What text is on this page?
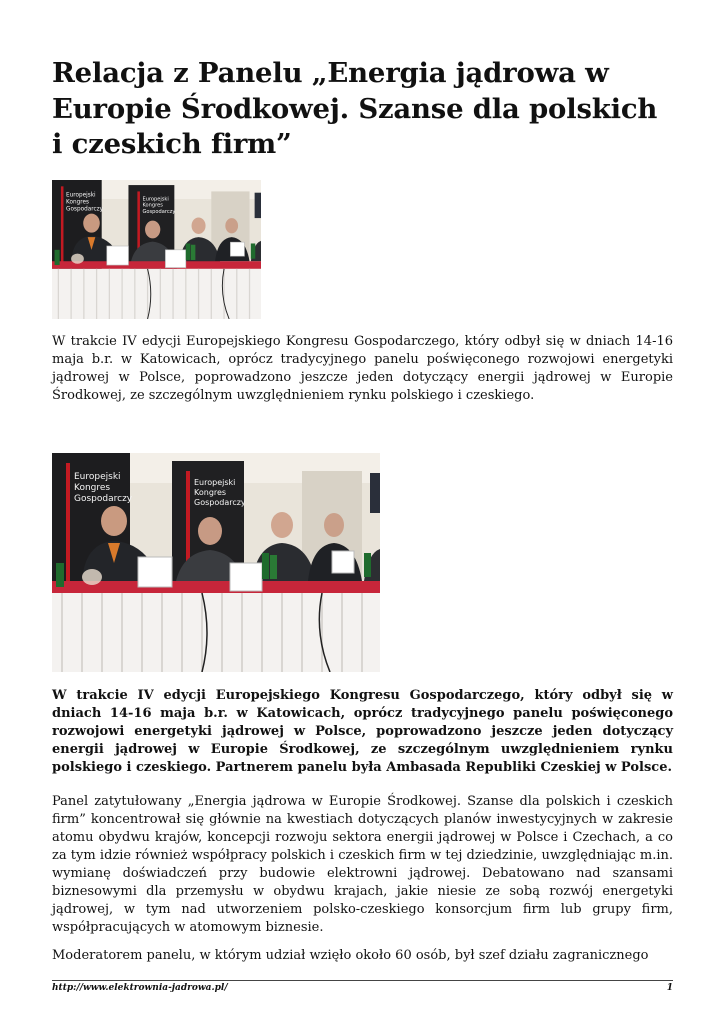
Relacja z Panelu „Energia jądrowa w Europie Środkowej. Szanse dla polskich i czeskich firm”
Europejski
Kongres
Gospodarczy
Europejski
Kongres
Gospodarczy

W trakcie IV edycji Europejskiego Kongresu Gospodarczego, który odbył się w dniach 14-16 maja b.r. w Katowicach, oprócz tradycyjnego panelu poświęconego rozwojowi energetyki jądrowej w Polsce, poprowadzono jeszcze jeden dotyczący energii jądrowej w Europie Środkowej, ze szczególnym uwzględnieniem rynku polskiego i czeskiego.

Europejski
Kongres
Gospodarczy
Europejski
Kongres
Gospodarczy

W trakcie IV edycji Europejskiego Kongresu Gospodarczego, który odbył się w dniach 14-16 maja b.r. w Katowicach, oprócz tradycyjnego panelu poświęconego rozwojowi energetyki jądrowej w Polsce, poprowadzono jeszcze jeden dotyczący energii jądrowej w Europie Środkowej, ze szczególnym uwzględnieniem rynku polskiego i czeskiego. Partnerem panelu była Ambasada Republiki Czeskiej w Polsce.

Panel zatytułowany „Energia jądrowa w Europie Środkowej. Szanse dla polskich i czeskich firm” koncentrował się głównie na kwestiach dotyczących planów inwestycyjnych w zakresie atomu obydwu krajów, koncepcji rozwoju sektora energii jądrowej w Polsce i Czechach, a co za tym idzie również współpracy polskich i czeskich firm w tej dziedzinie, uwzględniając m.in. wymianę doświadczeń przy budowie elektrowni jądrowej. Debatowano nad szansami biznesowymi dla przemysłu w obydwu krajach, jakie niesie ze sobą rozwój energetyki jądrowej, w tym nad utworzeniem polsko-czeskiego konsorcjum firm lub grupy firm, współpracujących w atomowym biznesie.

Moderatorem panelu, w którym udział wzięło około 60 osób, był szef działu zagranicznego

http://www.elektrownia-jadrowa.pl/	1
